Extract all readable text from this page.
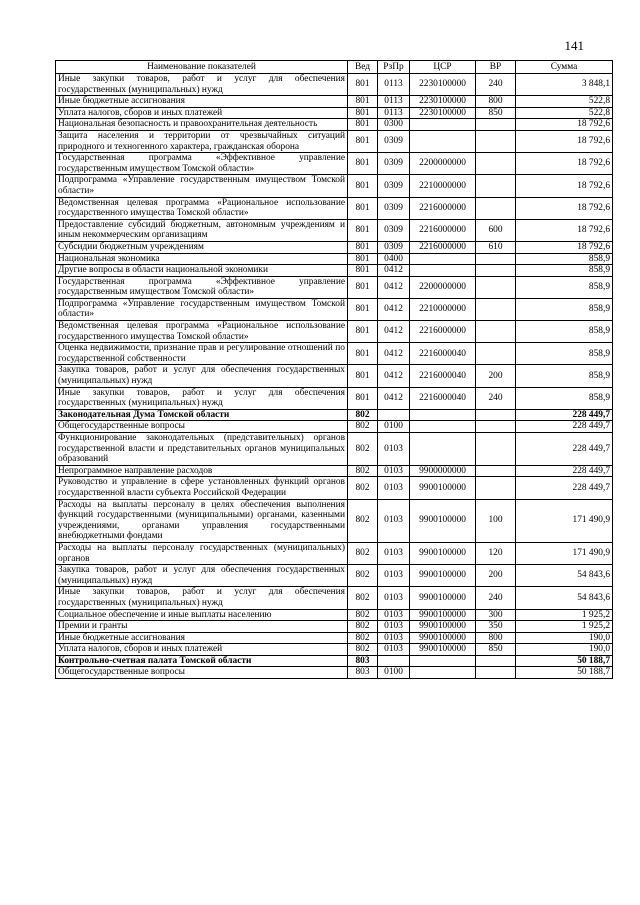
141
Наименование показателей	Вед	РзПр	ЦСР	ВР	Сумма
Иные закупки товаров, работ и услуг для обеспечения государственных (муниципальных) нужд	801	0113	2230100000	240	3 848,1
Иные бюджетные ассигнования	801	0113	2230100000	800	522,8
Уплата налогов, сборов и иных платежей	801	0113	2230100000	850	522,8
Национальная безопасность и правоохранительная деятельность	801	0300			18 792,6
Защита населения и территории от чрезвычайных ситуаций природного и техногенного характера, гражданская оборона	801	0309			18 792,6
Государственная программа «Эффективное управление государственным имуществом Томской области»	801	0309	2200000000		18 792,6
Подпрограмма «Управление государственным имуществом Томской области»	801	0309	2210000000		18 792,6
Ведомственная целевая программа «Рациональное использование государственного имущества Томской области»	801	0309	2216000000		18 792,6
Предоставление субсидий бюджетным, автономным учреждениям и иным некоммерческим организациям	801	0309	2216000000	600	18 792,6
Субсидии бюджетным учреждениям	801	0309	2216000000	610	18 792,6
Национальная экономика	801	0400			858,9
Другие вопросы в области национальной экономики	801	0412			858,9
Государственная программа «Эффективное управление государственным имуществом Томской области»	801	0412	2200000000		858,9
Подпрограмма «Управление государственным имуществом Томской области»	801	0412	2210000000		858,9
Ведомственная целевая программа «Рациональное использование государственного имущества Томской области»	801	0412	2216000000		858,9
Оценка недвижимости, признание прав и регулирование отношений по государственной собственности	801	0412	2216000040		858,9
Закупка товаров, работ и услуг для обеспечения государственных (муниципальных) нужд	801	0412	2216000040	200	858,9
Иные закупки товаров, работ и услуг для обеспечения государственных (муниципальных) нужд	801	0412	2216000040	240	858,9
Законодательная Дума Томской области	802				228 449,7
Общегосударственные вопросы	802	0100			228 449,7
Функционирование законодательных (представительных) органов государственной власти и представительных органов муниципальных образований	802	0103			228 449,7
Непрограммное направление расходов	802	0103	9900000000		228 449,7
Руководство и управление в сфере установленных функций органов государственной власти субъекта Российской Федерации	802	0103	9900100000		228 449,7
Расходы на выплаты персоналу в целях обеспечения выполнения функций государственными (муниципальными) органами, казенными учреждениями, органами управления государственными внебюджетными фондами	802	0103	9900100000	100	171 490,9
Расходы на выплаты персоналу государственных (муниципальных) органов	802	0103	9900100000	120	171 490,9
Закупка товаров, работ и услуг для обеспечения государственных (муниципальных) нужд	802	0103	9900100000	200	54 843,6
Иные закупки товаров, работ и услуг для обеспечения государственных (муниципальных) нужд	802	0103	9900100000	240	54 843,6
Социальное обеспечение и иные выплаты населению	802	0103	9900100000	300	1 925,2
Премии и гранты	802	0103	9900100000	350	1 925,2
Иные бюджетные ассигнования	802	0103	9900100000	800	190,0
Уплата налогов, сборов и иных платежей	802	0103	9900100000	850	190,0
Контрольно-счетная палата Томской области	803				50 188,7
Общегосударственные вопросы	803	0100			50 188,7
